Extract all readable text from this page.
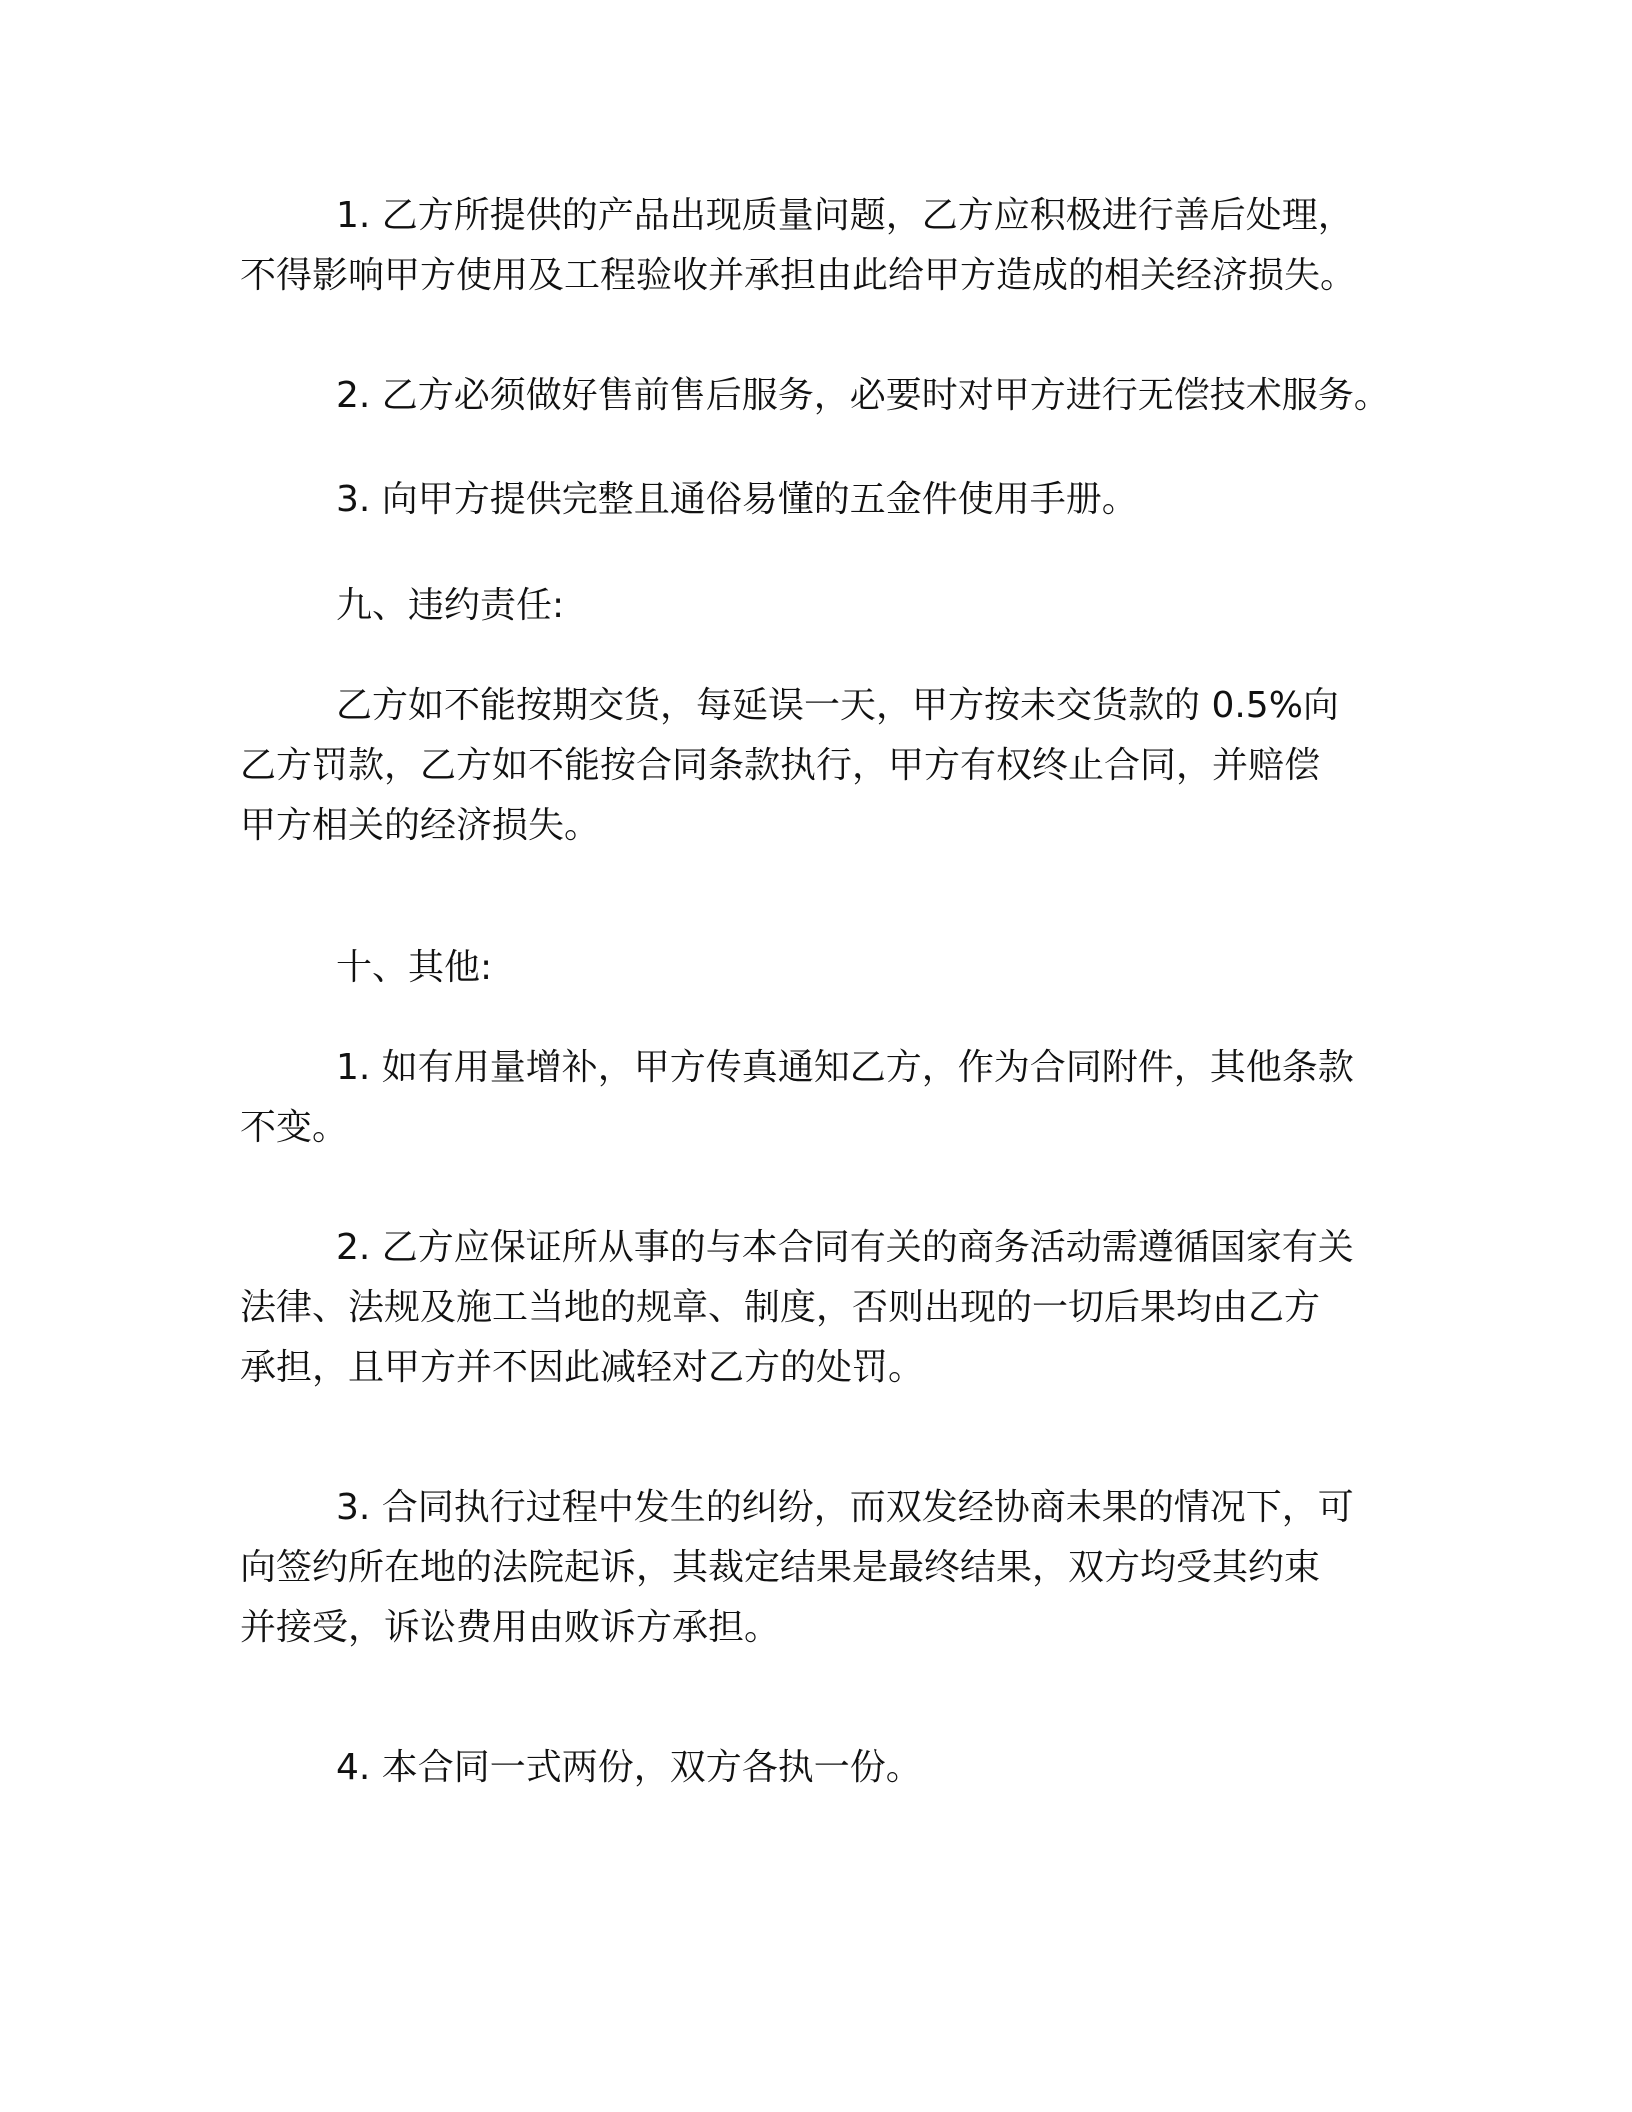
1. 乙方所提供的产品出现质量问题，乙方应积极进行善后处理，
不得影响甲方使用及工程验收并承担由此给甲方造成的相关经济损失。
2. 乙方必须做好售前售后服务，必要时对甲方进行无偿技术服务。
3. 向甲方提供完整且通俗易懂的五金件使用手册。
九、违约责任:
乙方如不能按期交货，每延误一天，甲方按未交货款的 0.5%向
乙方罚款，乙方如不能按合同条款执行，甲方有权终止合同，并赔偿
甲方相关的经济损失。
十、其他:
1. 如有用量增补，甲方传真通知乙方，作为合同附件，其他条款
不变。
2. 乙方应保证所从事的与本合同有关的商务活动需遵循国家有关
法律、法规及施工当地的规章、制度，否则出现的一切后果均由乙方
承担，且甲方并不因此减轻对乙方的处罚。
3. 合同执行过程中发生的纠纷，而双发经协商未果的情况下，可
向签约所在地的法院起诉，其裁定结果是最终结果，双方均受其约束
并接受，诉讼费用由败诉方承担。
4. 本合同一式两份，双方各执一份。
